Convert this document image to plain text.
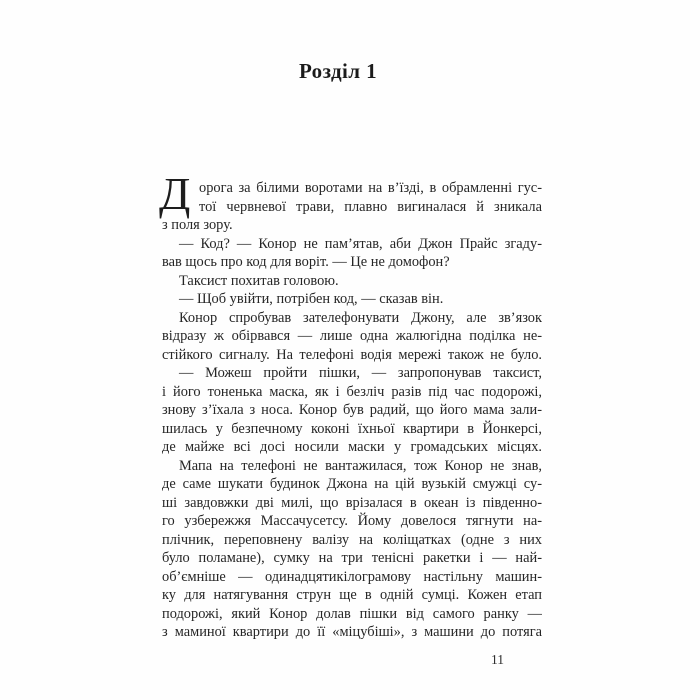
Розділ 1
Д орога за білими воротами на в’їзді, в обрамленні гус-
тої червневої трави, плавно вигиналася й зникала
з поля зору.
— Код? — Конор не пам’ятав, аби Джон Прайс згаду-
вав щось про код для воріт. — Це не домофон?
Таксист похитав головою.
— Щоб увійти, потрібен код, — сказав він.
Конор спробував зателефонувати Джону, але зв’язок
відразу ж обірвався — лише одна жалюгідна поділка не-
стійкого сигналу. На телефоні водія мережі також не було.
— Можеш пройти пішки, — запропонував таксист,
і його тоненька маска, як і безліч разів під час подорожі,
знову з’їхала з носа. Конор був радий, що його мама зали-
шилась у безпечному коконі їхньої квартири в Йонкерсі,
де майже всі досі носили маски у громадських місцях.
Мапа на телефоні не вантажилася, тож Конор не знав,
де саме шукати будинок Джона на цій вузькій смужці су-
ші завдовжки дві милі, що врізалася в океан із південно-
го узбережжя Массачусетсу. Йому довелося тягнути на-
плічник, переповнену валізу на коліщатках (одне з них
було поламане), сумку на три тенісні ракетки і — най-
об’ємніше — одинадцятикілограмову настільну машин-
ку для натягування струн ще в одній сумці. Кожен етап
подорожі, який Конор долав пішки від самого ранку —
з маминої квартири до її «міцубіші», з машини до потяга
11
